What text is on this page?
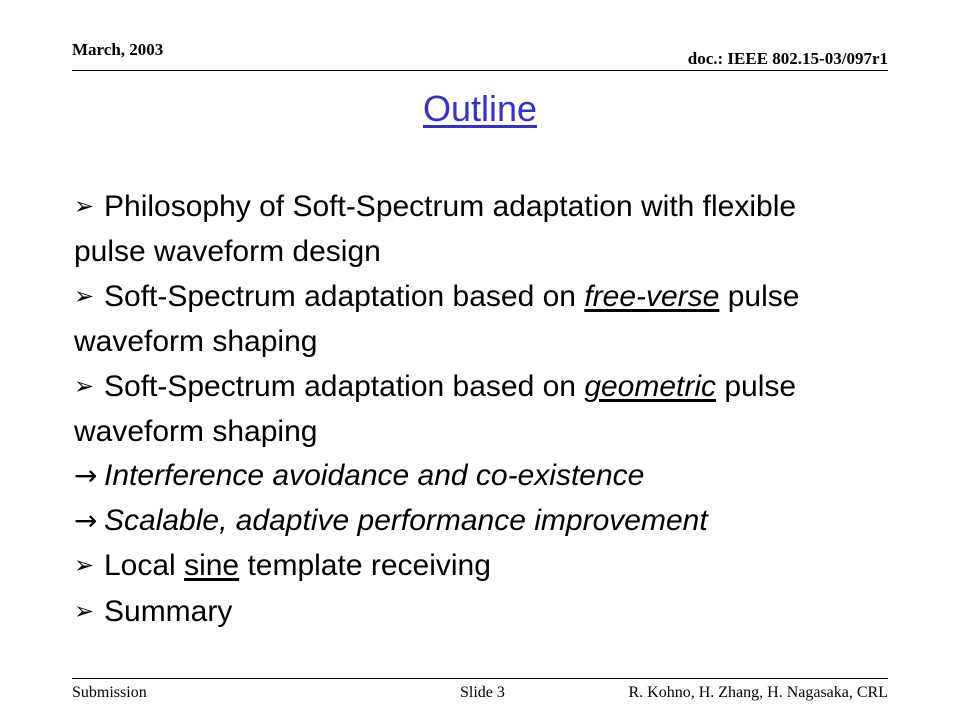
March, 2003	doc.: IEEE 802.15-03/097r1
Outline
➢ Philosophy of Soft-Spectrum adaptation with flexible pulse waveform design
➢ Soft-Spectrum adaptation based on free-verse pulse waveform shaping
➢ Soft-Spectrum adaptation based on geometric pulse waveform shaping
→ Interference avoidance and co-existence
→ Scalable, adaptive performance improvement
➢ Local sine template receiving
➢ Summary
Submission	Slide 3	R. Kohno, H. Zhang, H. Nagasaka, CRL
